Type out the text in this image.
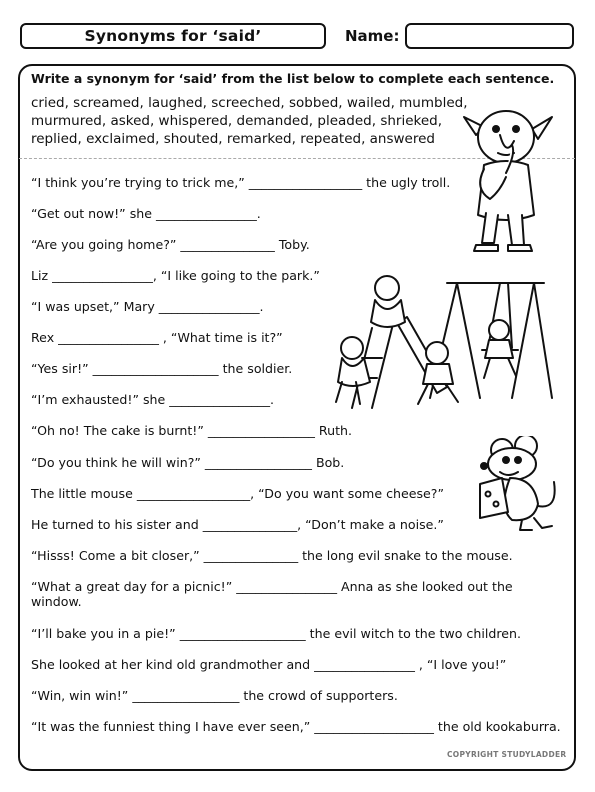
Synonyms for ‘said’	Name:
Write a synonym for ‘said’ from the list below to complete each sentence.
cried, screamed, laughed, screeched, sobbed, wailed, mumbled,
murmured, asked, whispered, demanded, pleaded, shrieked,
replied, exclaimed, shouted, remarked, repeated, answered
“I think you’re trying to trick me,” __________________ the ugly troll.
“Get out now!” she ________________.
“Are you going home?” _______________ Toby.
Liz ________________, “I like going to the park.”
“I was upset,” Mary ________________.
Rex ________________ , “What time is it?”
“Yes sir!” ____________________ the soldier.
“I’m exhausted!” she ________________.
“Oh no! The cake is burnt!” _________________ Ruth.
“Do you think he will win?” _________________ Bob.
The little mouse __________________, “Do you want some cheese?”
He turned to his sister and _______________, “Don’t make a noise.”
“Hisss! Come a bit closer,” _______________ the long evil snake to the mouse.
“What a great day for a picnic!” ________________ Anna as she looked out the window.
“I’ll bake you in a pie!” ____________________ the evil witch to the two children.
She looked at her kind old grandmother and ________________ , “I love you!”
“Win, win win!” _________________ the crowd of supporters.
“It was the funniest thing I have ever seen,” ___________________ the old kookaburra.
COPYRIGHT STUDYLADDER
